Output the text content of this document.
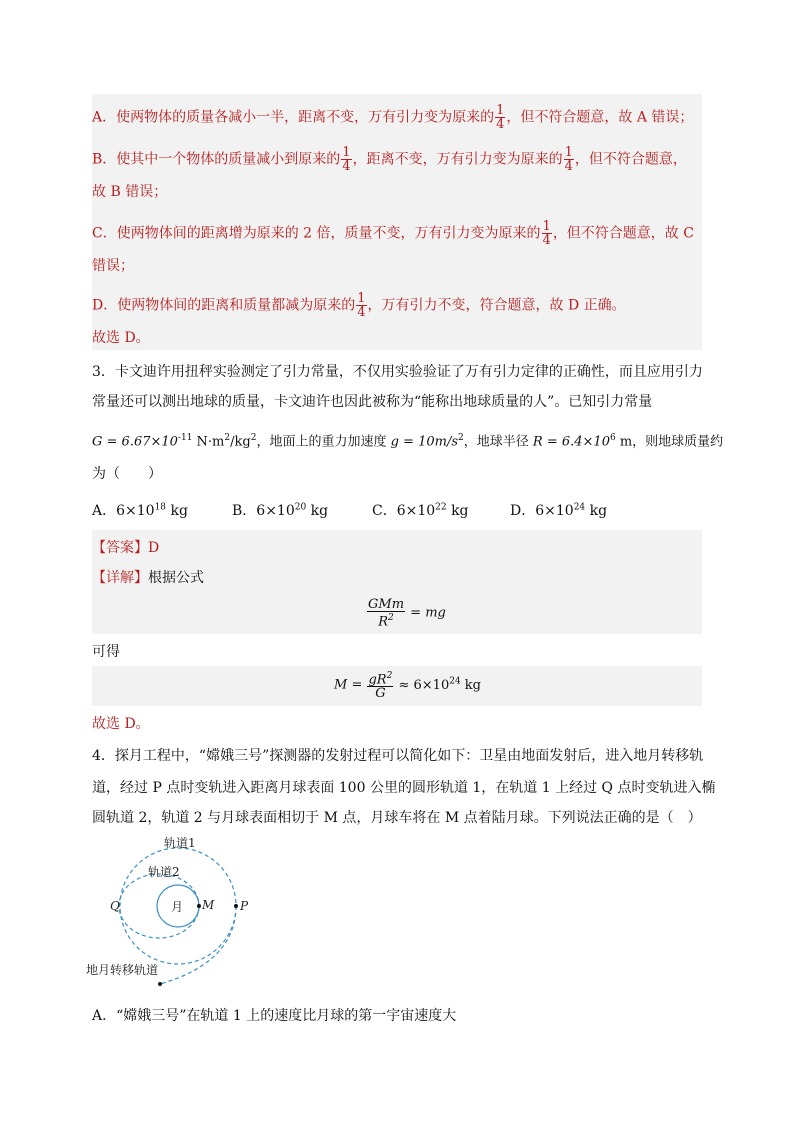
A．使两物体的质量各减小一半，距离不变，万有引力变为原来的 $\frac{1}{4}$ ，但不符合题意，故 A 错误；
B．使其中一个物体的质量减小到原来的 $\frac{1}{4}$ ，距离不变，万有引力变为原来的 $\frac{1}{4}$ ，但不符合题意，
故 B 错误；
C．使两物体间的距离增为原来的 2 倍，质量不变，万有引力变为原来的 $\frac{1}{4}$ ，但不符合题意，故 C
错误；
D．使两物体间的距离和质量都减为原来的 $\frac{1}{4}$ ，万有引力不变，符合题意，故 D 正确。
故选 D。
3．卡文迪许用扭秤实验测定了引力常量，不仅用实验验证了万有引力定律的正确性，而且应用引力
常量还可以测出地球的质量，卡文迪许也因此被称为“能称出地球质量的人”。已知引力常量
$G = 6.67\times 10^{-11}$ $N\cdot m^2/kg^2$，地面上的重力加速度 $g = 10m/s^2$，地球半径 $R = 6.4\times 10^6$ m，则地球质量约
为（　　）
A．$6\times 10^{18}$ kg	B．$6\times 10^{20}$ kg	C．$6\times 10^{22}$ kg	D．$6\times 10^{24}$ kg
【答案】D
【详解】根据公式
$\frac{\text{GMm}}{R^2}$ = mg
可得
$M = \frac{gR^2}{G} \approx 6\times 10^{24}$ kg
故选 D。
4．探月工程中，“嫦娥三号”探测器的发射过程可以简化如下：卫星由地面发射后，进入地月转移轨
道，经过 P 点时变轨进入距离月球表面 100 公里的圆形轨道 1，在轨道 1 上经过 Q 点时变轨进入椭
圆轨道 2，轨道 2 与月球表面相切于 M 点，月球车将在 M 点着陆月球。下列说法正确的是（　）
轨道1
轨道2
月 M P
Q
地月转移轨道
A．“嫦娥三号”在轨道 1 上的速度比月球的第一宇宙速度大
